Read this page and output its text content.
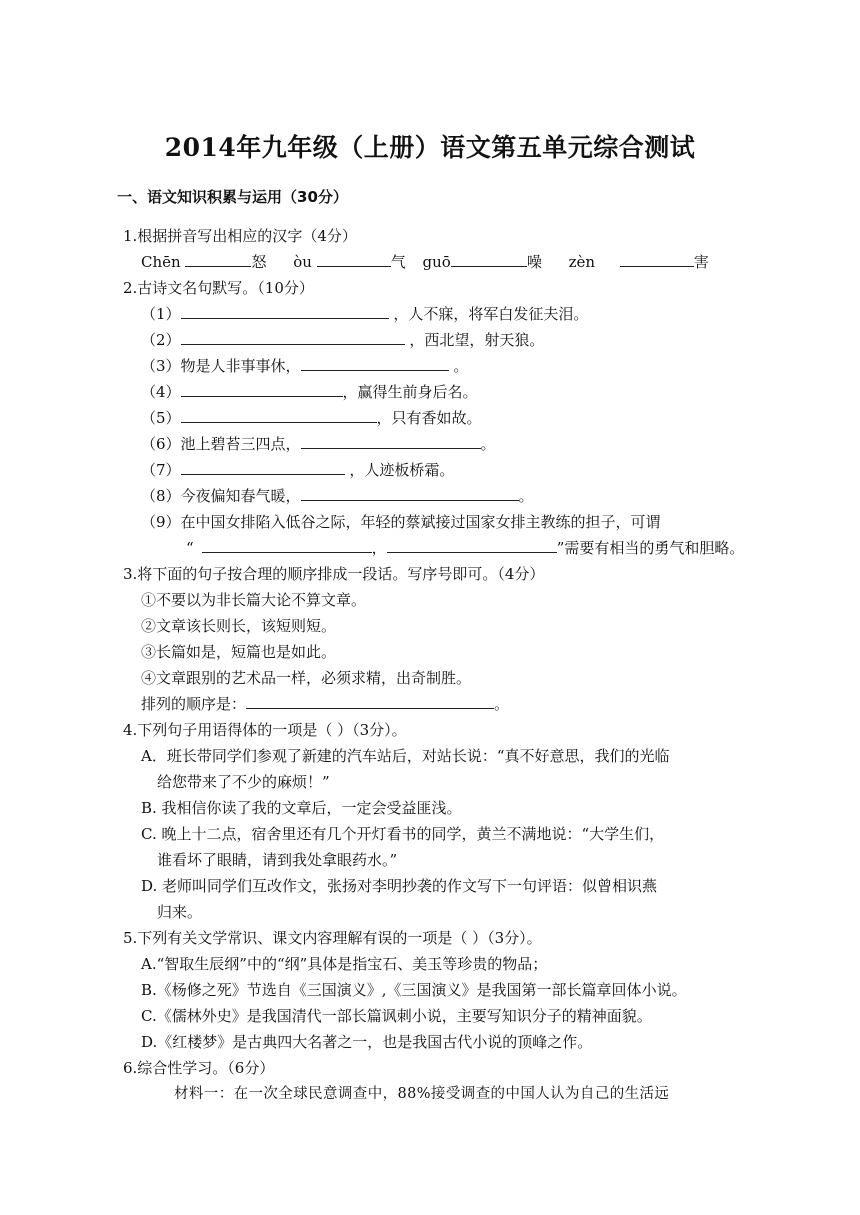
2014年九年级（上册）语文第五单元综合测试
一、语文知识积累与运用（30分）
1.根据拼音写出相应的汉字（4分）
Chēn	怒 òu	气 guō	噪 zèn	害
2.古诗文名句默写。（10分）
（1）	，人不寐，将军白发征夫泪。
（2）	，西北望，射天狼。
（3）物是人非事事休，	。
（4）	，赢得生前身后名。
（5）	，只有香如故。
（6）池上碧苔三四点，	。
（7）	，人迹板桥霜。
（8）今夜偏知春气暖，	。
（9）在中国女排陷入低谷之际，年轻的蔡斌接过国家女排主教练的担子，可谓
“	，	”需要有相当的勇气和胆略。
3.将下面的句子按合理的顺序排成一段话。写序号即可。（4分）
①不要以为非长篇大论不算文章。
②文章该长则长，该短则短。
③长篇如是，短篇也是如此。
④文章跟别的艺术品一样，必须求精，出奇制胜。
排列的顺序是：	。
4.下列句子用语得体的一项是（ ）（3分）。
A．班长带同学们参观了新建的汽车站后，对站长说：“真不好意思，我们的光临
给您带来了不少的麻烦！”
B. 我相信你读了我的文章后，一定会受益匪浅。
C. 晚上十二点，宿舍里还有几个开灯看书的同学，黄兰不满地说：“大学生们，
谁看坏了眼睛，请到我处拿眼药水。”
D. 老师叫同学们互改作文，张扬对李明抄袭的作文写下一句评语：似曾相识燕
归来。
5.下列有关文学常识、课文内容理解有误的一项是（ ）（3分）。
A.“智取生辰纲”中的“纲”具体是指宝石、美玉等珍贵的物品；
B.《杨修之死》节选自《三国演义》,《三国演义》是我国第一部长篇章回体小说。
C.《儒林外史》是我国清代一部长篇讽刺小说，主要写知识分子的精神面貌。
D.《红楼梦》是古典四大名著之一，也是我国古代小说的顶峰之作。
6.综合性学习。（6分）
材料一：在一次全球民意调查中，88%接受调查的中国人认为自己的生活远
